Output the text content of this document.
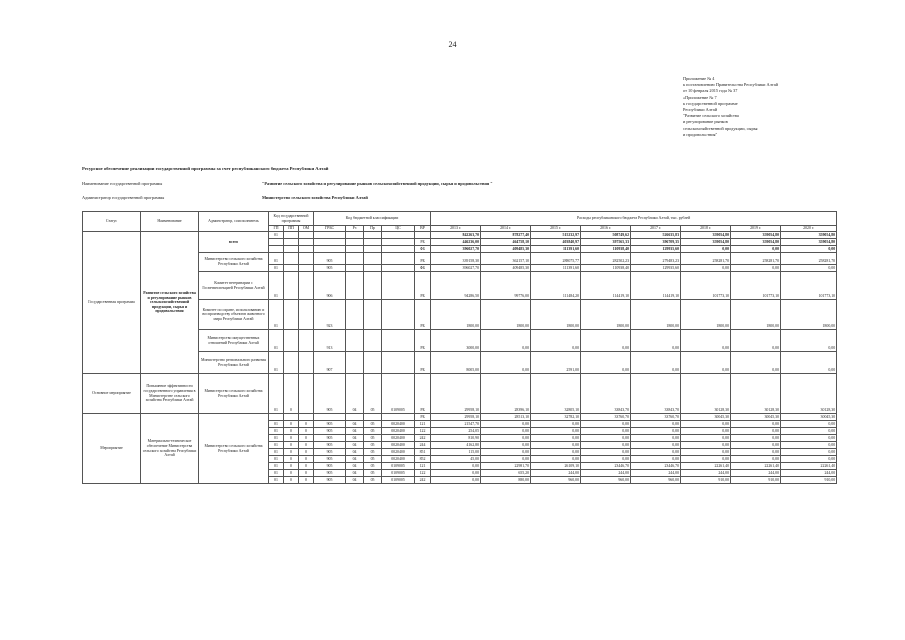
24
Приложение № 4
к постановлению Правительства Республики Алтай
от 10 февраля 2015 года № 37
«Приложение № 7
к государственной программе
Республики Алтай
"Развитие сельского хозяйства
и регулирование рынков
сельскохозяйственной продукции, сырья
и продовольствия"
Ресурсное обеспечение реализации государственной программы за счет республиканского бюджета Республики Алтай
Наименование государственной программы	"Развитие сельского хозяйства и регулирование рынков сельскохозяйственной продукции, сырья и продовольствия "
Администратор государственной программы	Министерство сельского хозяйства Республики Алтай
Статус	Наименование	Админстратор, соисполнитель	Код государственной программы			Код бюджетной классификации					Расходы республиканского бюджета Республики Алтай, тыс. рублей							
			ГП	ПП	ОМ	ГРБС	Рз	Пр	ЦС	ВР	2013 г.	2014 г.	2015 г.	2016 г.	2017 г.	2018 г.	2019 г.	2020 г.
Государственная программа	Развитие сельского хозяйства и регулирование рынков сельскохозяйственной продукции, сырья и продовольствия	всего	01								842263,70	878277,40	515232,97	508749,62	526635,83	359054,80	359054,80	359054,80
										РБ	446236,00	464758,10	403840,97	397565,33	396709,35	359054,80	359054,80	359054,80
										ФБ	396027,70	409485,30	111391,60	110938,40	129935,60	0,00	0,00	0,00
		Министерство сельского хозяйства Республики Алтай	01			905				РБ	339158,30	362157,10	288075,77	282502,23	279483,23	258281,70	258281,70	258281,70
			01			905				ФБ	396027,70	409485,30	111391,60	110938,40	129935,60	0,00	0,00	0,00
		Комитет ветеринарии с Госветинспекцией Республики Алтай	01			906				РБ	94286,50	99776,00	111484,20	114419,10	114419,10	101773,10	101773,10	101773,10
		Комитет по охране, использованию и воспроизводству объектов животного мира Республики Алтай	01			923				РБ	1800,00	1800,00	1800,00	1800,00	1800,00	1800,00	1800,00	1800,00
		Министерство имущественных отношений Республики Алтай	01			913				РБ	3000,00	0,00	0,00	0,00	0,00	0,00	0,00	0,00
		Министерство регионального развития Республики Алтай	01			907				РБ	8005,00	0,00	2591,00	0,00	0,00	0,00	0,00	0,00
Основное мероприятие	Повышение эффективности государственного управления в Министерстве сельского хозяйства Республики Алтай	Министерство сельского хозяйства Республики Алтай	01	0		905	04	05	0109005	РБ	29958,10	28396,10	32805,10	33843,70	33843,70	30128,30	30128,30	30128,30
Мероприятие	Материально-техническое обеспечение Министерства сельского хозяйства Республики Алтай	Министерство сельского хозяйства Республики Алтай								РБ	29958,10	28513,10	32782,10	33760,70	33760,70	30045,30	30045,30	30045,30
			01	0	0	905	04	05	0020400	121	21547,70	0,00	0,00	0,00	0,00	0,00	0,00	0,00
			01	0	0	905	04	05	0020400	122	254,05	0,00	0,00	0,00	0,00	0,00	0,00	0,00
			01	0	0	905	04	05	0020400	242	810,90	0,00	0,00	0,00	0,00	0,00	0,00	0,00
			01	0	0	905	04	05	0020400	244	4162,80	0,00	0,00	0,00	0,00	0,00	0,00	0,00
			01	0	0	905	04	05	0020400	851	115,00	0,00	0,00	0,00	0,00	0,00	0,00	0,00
			01	0	0	905	04	05	0020400	852	45,00	0,00	0,00	0,00	0,00	0,00	0,00	0,00
			01	0	0	905	04	05	0109005	121	0,00	22981,70	26109,10	23446,70	23446,70	22261,40	22261,40	22261,40
			01	0	0	905	04	05	0109005	122	0,00	655,20	244,00	244,00	244,00	244,00	244,00	244,00
			01	0	0	905	04	05	0109005	242	0,00	880,00	960,00	960,00	960,00	910,00	910,00	910,00
